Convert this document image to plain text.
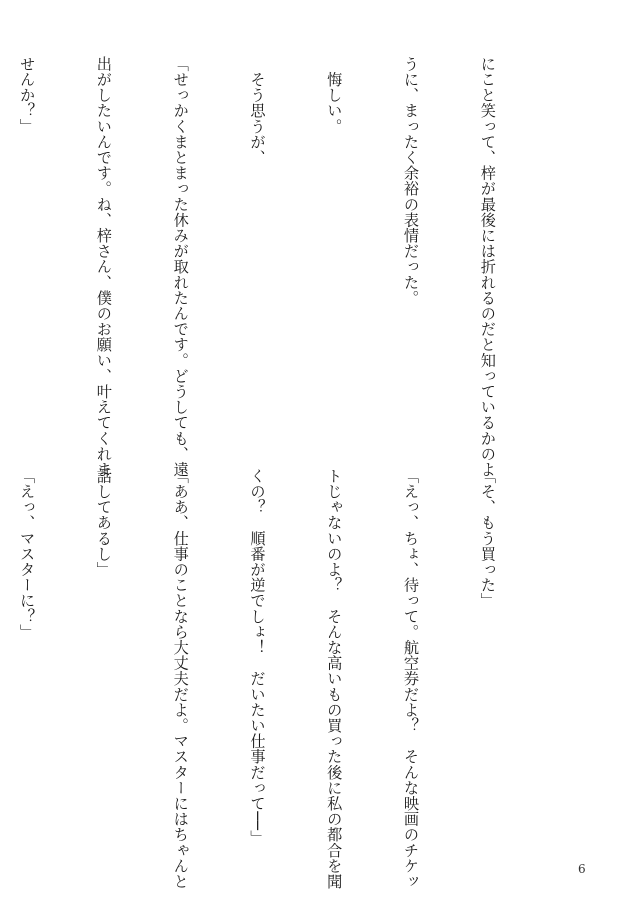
にこと笑って、梓が最後には折れるのだと知っているかのよ

うに、まったく余裕の表情だった。

　悔しい。

　そう思うが、

「せっかくまとまった休みが取れたんです。どうしても、遠

出がしたいんです。ね、梓さん、僕のお願い、叶えてくれま

せんか？」

「そ、もう買った」

「えっ、ちょ、待って。航空券だよ？　そんな映画のチケッ

トじゃないのよ？　そんな高いもの買った後に私の都合を聞

くの？　順番が逆でしょ！　だいたい仕事だって──」

「ああ、仕事のことなら大丈夫だよ。マスターにはちゃんと

話してあるし」

「えっ、マスターに？」

6
